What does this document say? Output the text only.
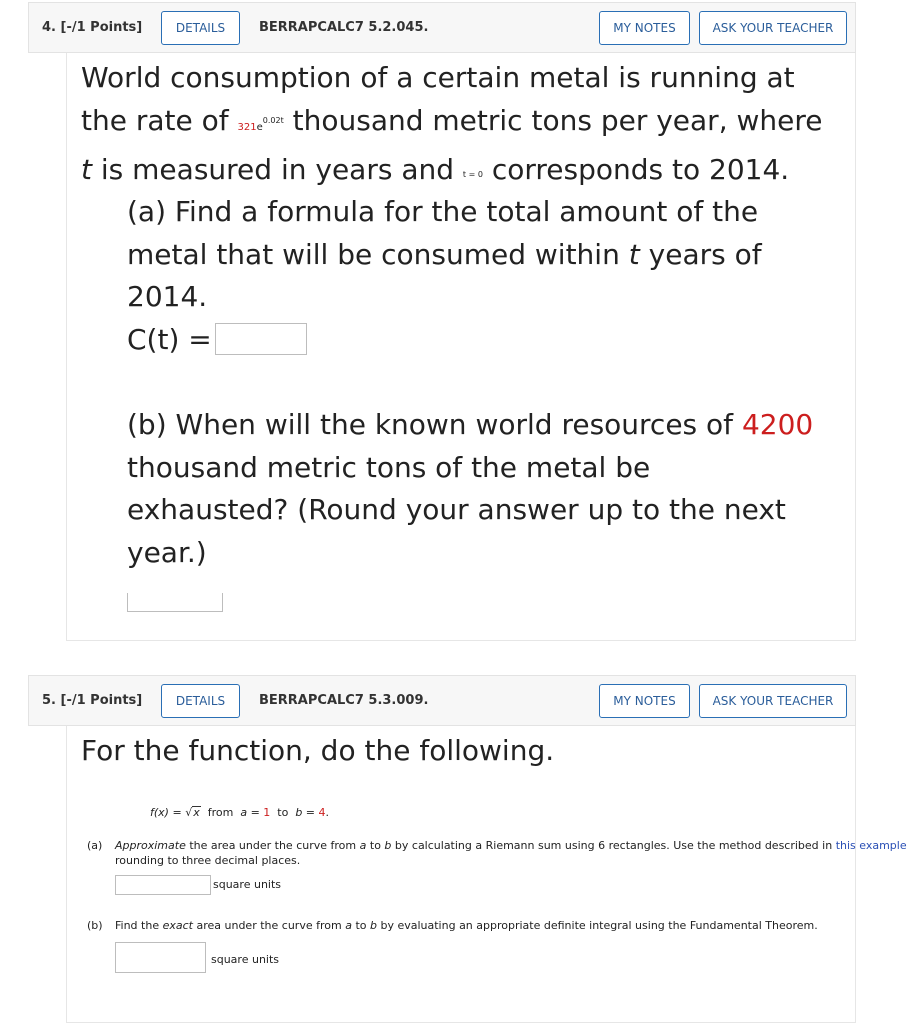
4. [-/1 Points]	DETAILS	BERRAPCALC7 5.2.045.	MY NOTES	ASK YOUR TEACHER
World consumption of a certain metal is running at
the rate of $321e^{0.02t}$ thousand metric tons per year, where
t is measured in years and t = 0 corresponds to 2014.
(a) Find a formula for the total amount of the
metal that will be consumed within t years of
2014.
C(t) =
(b) When will the known world resources of 4200
thousand metric tons of the metal be
exhausted? (Round your answer up to the next
year.)
5. [-/1 Points]	DETAILS	BERRAPCALC7 5.3.009.	MY NOTES	ASK YOUR TEACHER
For the function, do the following.
f(x) = √x from a = 1 to b = 4.
(a) Approximate the area under the curve from a to b by calculating a Riemann sum using 6 rectangles. Use the method described in this example
rounding to three decimal places.
square units
(b) Find the exact area under the curve from a to b by evaluating an appropriate definite integral using the Fundamental Theorem.
square units
